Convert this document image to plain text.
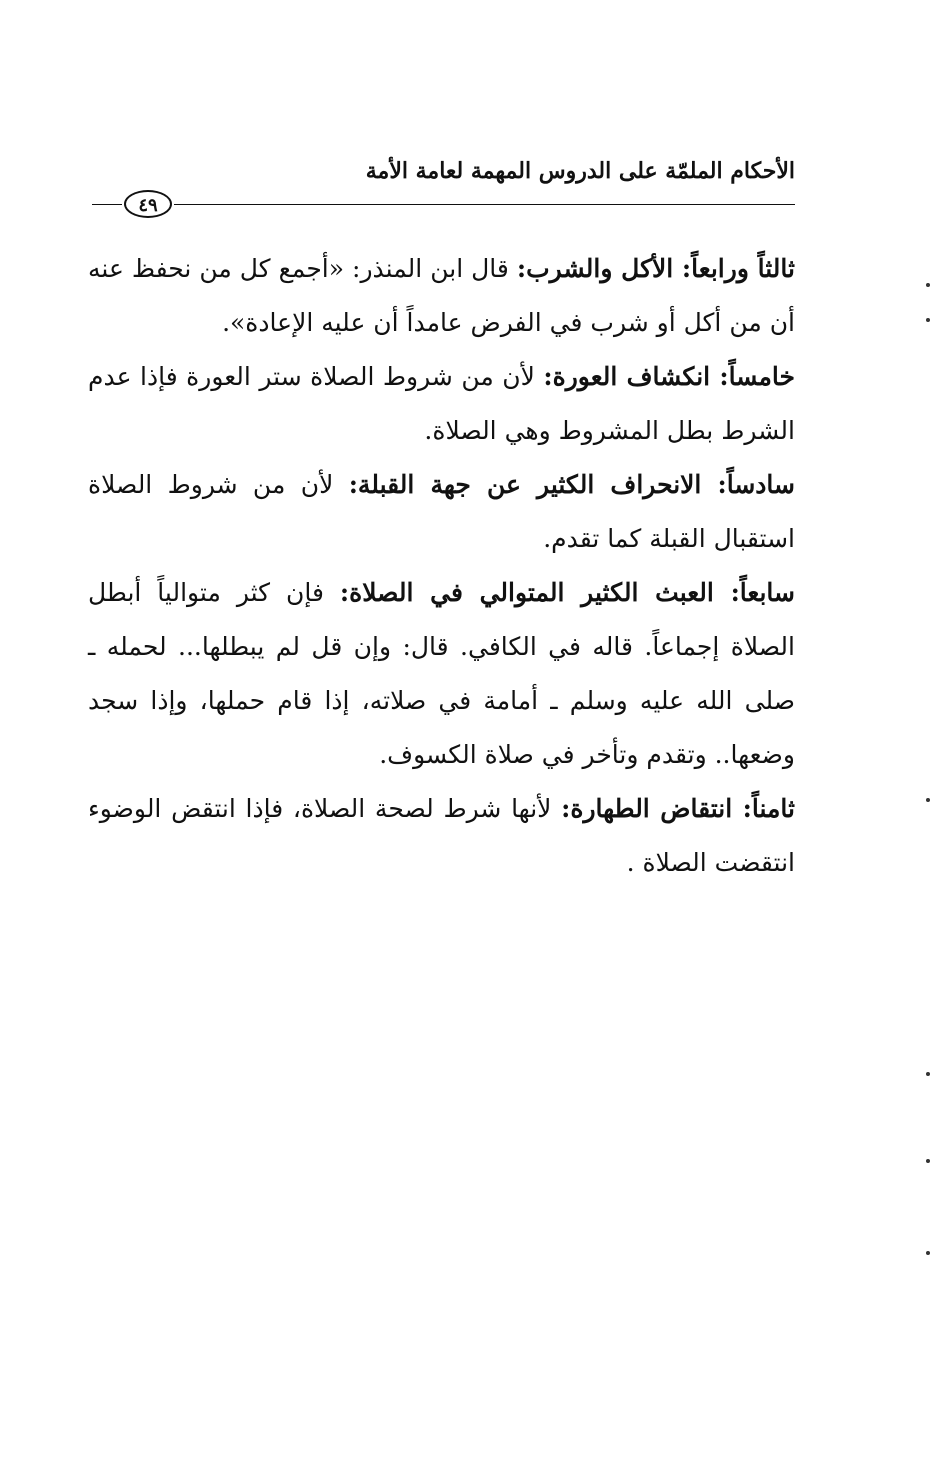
الأحكام الملمّة على الدروس المهمة لعامة الأمة
٤٩

ثالثاً ورابعاً: الأكل والشرب: قال ابن المنذر: «أجمع كل من نحفظ عنه أن من أكل أو شرب في الفرض عامداً أن عليه الإعادة».

خامساً: انكشاف العورة: لأن من شروط الصلاة ستر العورة فإذا عدم الشرط بطل المشروط وهي الصلاة.

سادساً: الانحراف الكثير عن جهة القبلة: لأن من شروط الصلاة استقبال القبلة كما تقدم.

سابعاً: العبث الكثير المتوالي في الصلاة: فإن كثر متوالياً أبطل الصلاة إجماعاً. قاله في الكافي. قال: وإن قل لم يبطلها... لحمله ـ صلى الله عليه وسلم ـ أمامة في صلاته، إذا قام حملها، وإذا سجد وضعها.. وتقدم وتأخر في صلاة الكسوف.

ثامناً: انتقاض الطهارة: لأنها شرط لصحة الصلاة، فإذا انتقض الوضوء انتقضت الصلاة .
